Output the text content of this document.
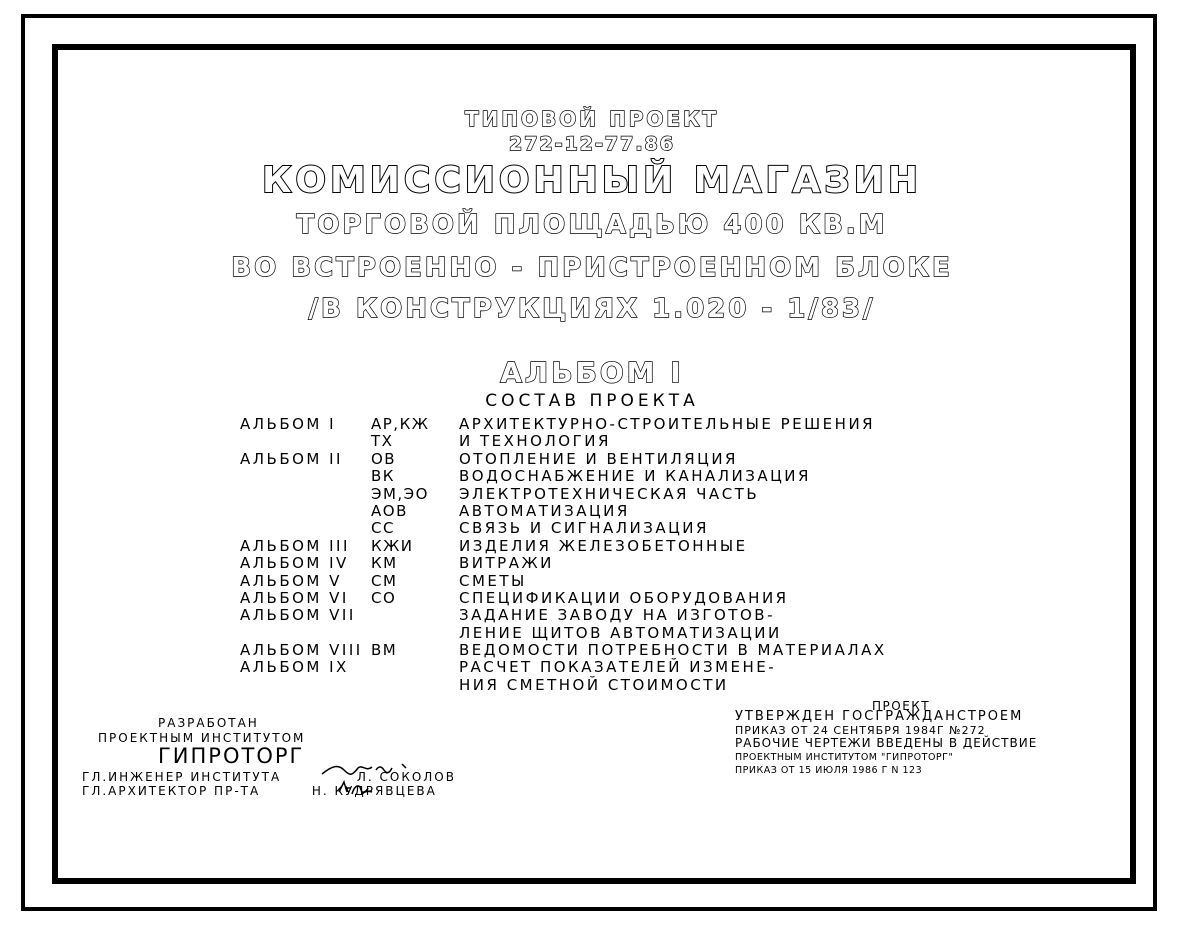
ТИПОВОЙ ПРОЕКТ
272-12-77.86
КОМИССИОННЫЙ МАГАЗИН
ТОРГОВОЙ ПЛОЩАДЬЮ 400 КВ.М
ВО ВСТРОЕННО - ПРИСТРОЕННОМ БЛОКЕ
/В КОНСТРУКЦИЯХ 1.020 - 1/83/
АЛЬБОМ I
СОСТАВ ПРОЕКТА
АЛЬБОМ I
АЛЬБОМ II
АЛЬБОМ III
АЛЬБОМ IV
АЛЬБОМ V
АЛЬБОМ VI
АЛЬБОМ VII
АЛЬБОМ VIII
АЛЬБОМ IX
АР,КЖ
ТХ
ОВ
ВК
ЭМ,ЭО
АОВ
СС
КЖИ
КМ
СМ
СО
ВМ
АРХИТЕКТУРНО-СТРОИТЕЛЬНЫЕ РЕШЕНИЯ
И ТЕХНОЛОГИЯ
ОТОПЛЕНИЕ И ВЕНТИЛЯЦИЯ
ВОДОСНАБЖЕНИЕ И КАНАЛИЗАЦИЯ
ЭЛЕКТРОТЕХНИЧЕСКАЯ ЧАСТЬ
АВТОМАТИЗАЦИЯ
СВЯЗЬ И СИГНАЛИЗАЦИЯ
ИЗДЕЛИЯ ЖЕЛЕЗОБЕТОННЫЕ
ВИТРАЖИ
СМЕТЫ
СПЕЦИФИКАЦИИ ОБОРУДОВАНИЯ
ЗАДАНИЕ ЗАВОДУ НА ИЗГОТОВ-
ЛЕНИЕ ЩИТОВ АВТОМАТИЗАЦИИ
ВЕДОМОСТИ ПОТРЕБНОСТИ В МАТЕРИАЛАХ
РАСЧЕТ ПОКАЗАТЕЛЕЙ ИЗМЕНЕ-
НИЯ СМЕТНОЙ СТОИМОСТИ
РАЗРАБОТАН
ПРОЕКТНЫМ ИНСТИТУТОМ
ГИПРОТОРГ
ГЛ.ИНЖЕНЕР ИНСТИТУТА	Л. СОКОЛОВ
ГЛ.АРХИТЕКТОР ПР-ТА	Н. КУДРЯВЦЕВА
ПРОЕКТ
УТВЕРЖДЕН ГОСГРАЖДАНСТРОЕМ
ПРИКАЗ ОТ 24 СЕНТЯБРЯ 1984Г №272
РАБОЧИЕ ЧЕРТЕЖИ ВВЕДЕНЫ В ДЕЙСТВИЕ
ПРОЕКТНЫМ ИНСТИТУТОМ "ГИПРОТОРГ"
ПРИКАЗ ОТ 15 ИЮЛЯ 1986 Г N 123
